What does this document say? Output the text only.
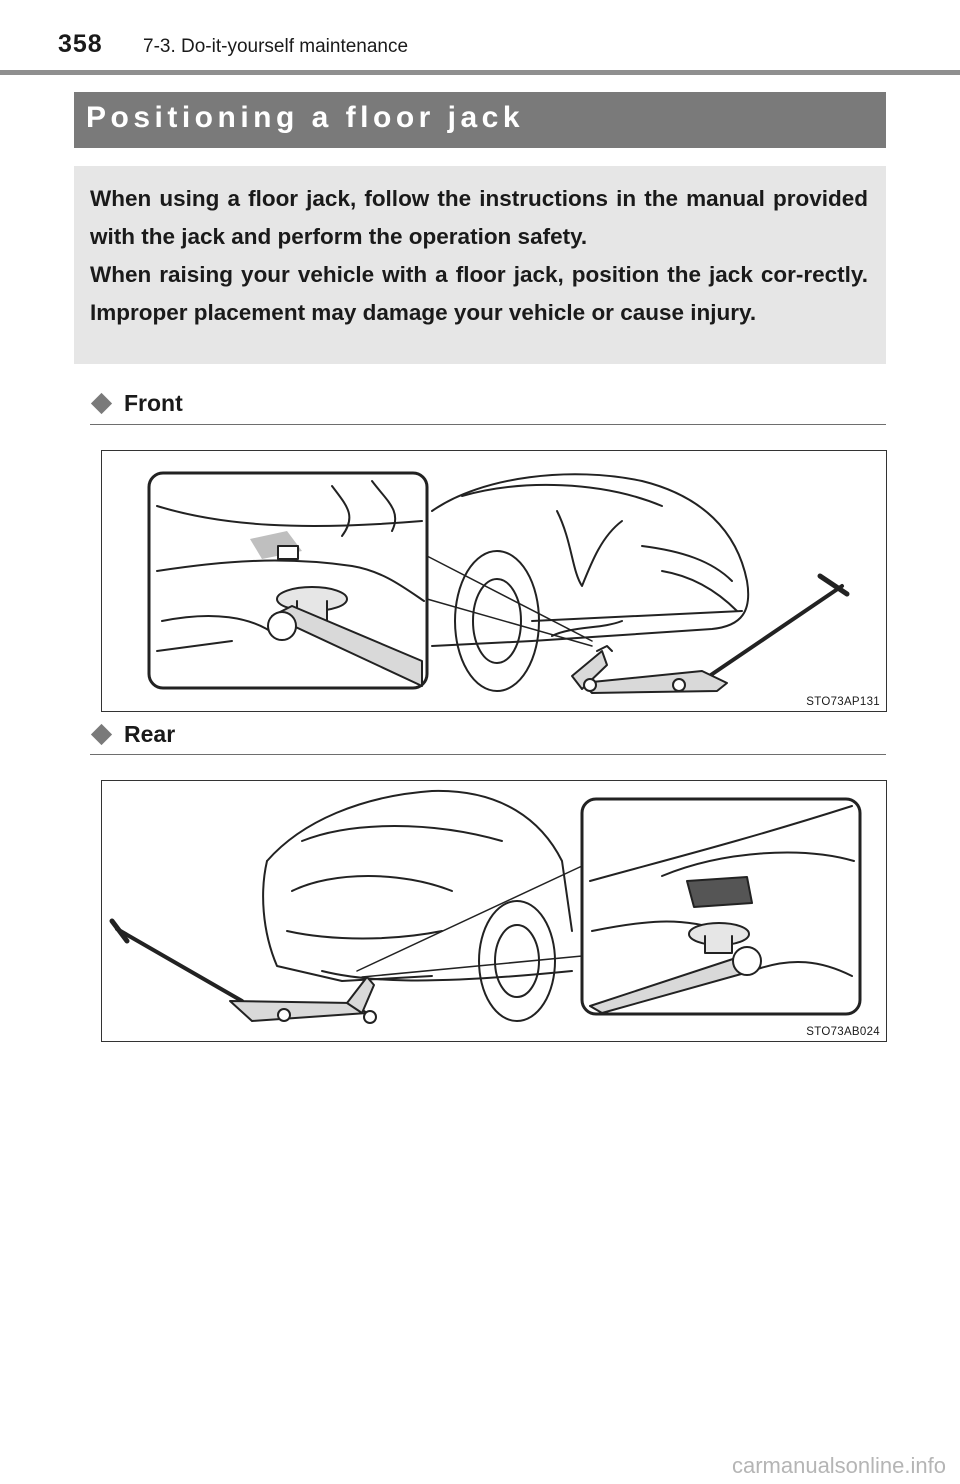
358 7-3. Do-it-yourself maintenance
Positioning a floor jack

When using a floor jack, follow the instructions in the manual provided with the jack and perform the operation safety.

When raising your vehicle with a floor jack, position the jack cor-rectly. Improper placement may damage your vehicle or cause injury.

Front
STO73AP131
Rear
STO73AB024
carmanualsonline.info
